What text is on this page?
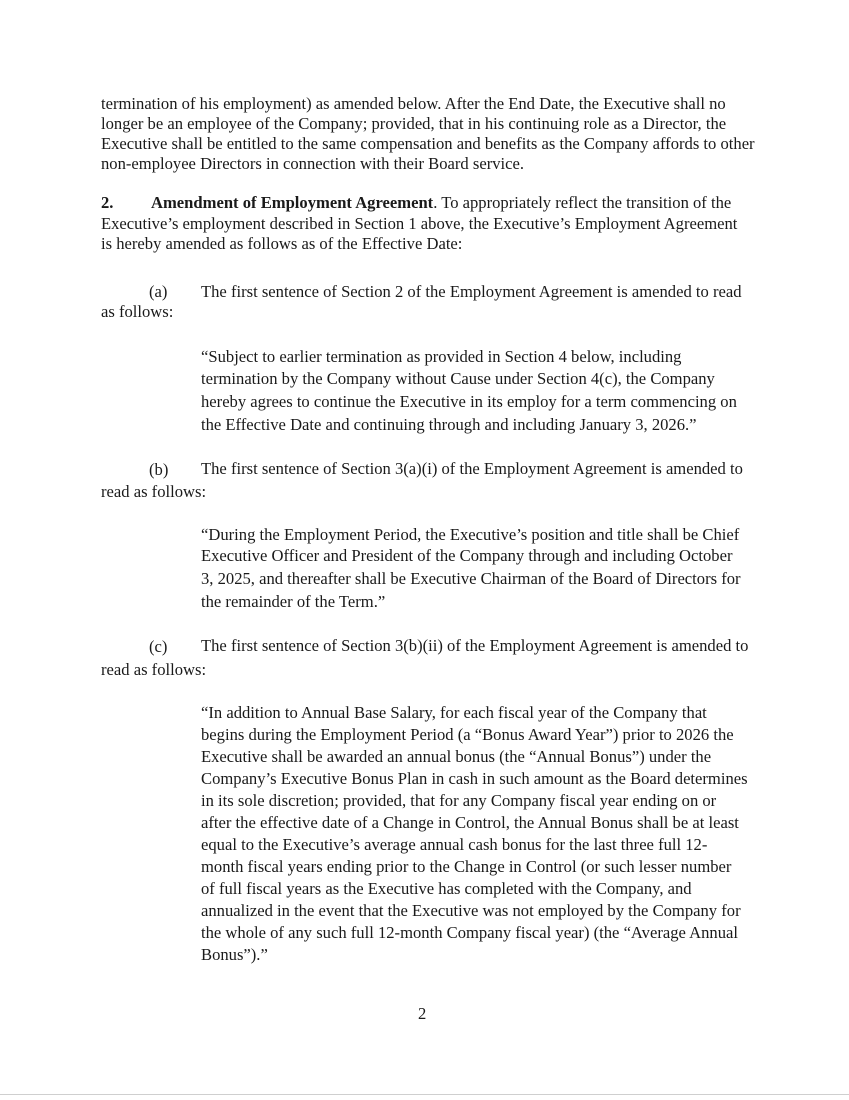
termination of his employment) as amended below. After the End Date, the Executive shall no
longer be an employee of the Company; provided, that in his continuing role as a Director, the
Executive shall be entitled to the same compensation and benefits as the Company affords to other
non-employee Directors in connection with their Board service.
2. Amendment of Employment Agreement. To appropriately reflect the transition of the
Executive’s employment described in Section 1 above, the Executive’s Employment Agreement
is hereby amended as follows as of the Effective Date:
(a) The first sentence of Section 2 of the Employment Agreement is amended to read
as follows:
“Subject to earlier termination as provided in Section 4 below, including
termination by the Company without Cause under Section 4(c), the Company
hereby agrees to continue the Executive in its employ for a term commencing on
the Effective Date and continuing through and including January 3, 2026.”
(b) The first sentence of Section 3(a)(i) of the Employment Agreement is amended to
read as follows:
“During the Employment Period, the Executive’s position and title shall be Chief
Executive Officer and President of the Company through and including October
3, 2025, and thereafter shall be Executive Chairman of the Board of Directors for
the remainder of the Term.”
(c) The first sentence of Section 3(b)(ii) of the Employment Agreement is amended to
read as follows:
“In addition to Annual Base Salary, for each fiscal year of the Company that
begins during the Employment Period (a “Bonus Award Year”) prior to 2026 the
Executive shall be awarded an annual bonus (the “Annual Bonus”) under the
Company’s Executive Bonus Plan in cash in such amount as the Board determines
in its sole discretion; provided, that for any Company fiscal year ending on or
after the effective date of a Change in Control, the Annual Bonus shall be at least
equal to the Executive’s average annual cash bonus for the last three full 12-
month fiscal years ending prior to the Change in Control (or such lesser number
of full fiscal years as the Executive has completed with the Company, and
annualized in the event that the Executive was not employed by the Company for
the whole of any such full 12-month Company fiscal year) (the “Average Annual
Bonus”).”
2
